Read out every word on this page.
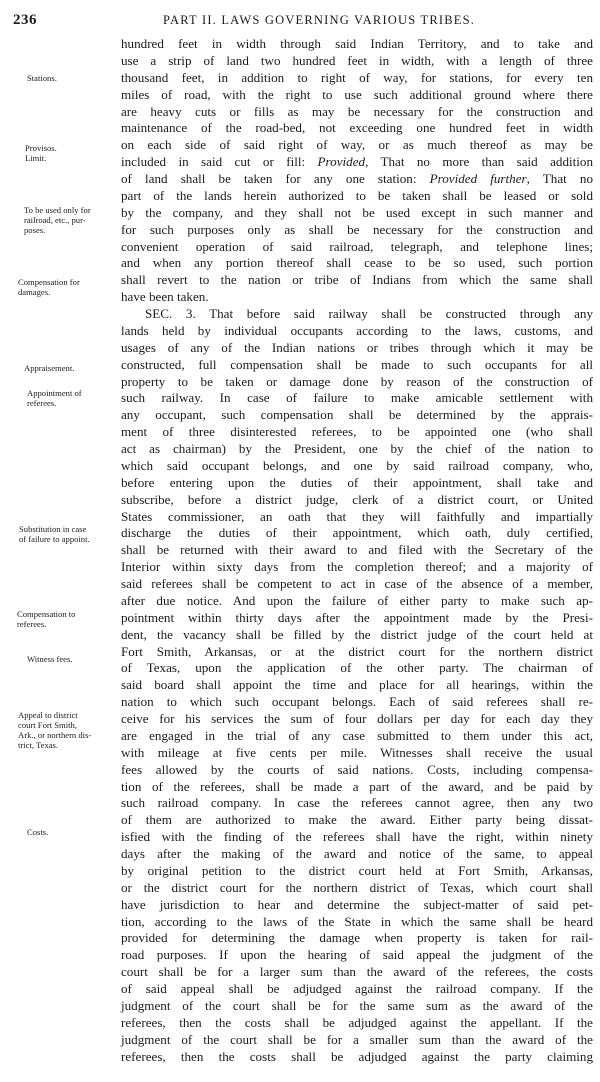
236	PART II. LAWS GOVERNING VARIOUS TRIBES.
Stations.
Provisos.
Limit.
To be used only for
railroad, etc., pur-
poses.
Compensation for
damages.
Appraisement.
Appointment of
referees.
Substitution in case
of failure to appoint.
Compensation to
referees.
Witness fees.
Appeal to district
court Fort Smith,
Ark., or northern dis-
trict, Texas.
Costs.
hundred feet in width through said Indian Territory, and to take and
use a strip of land two hundred feet in width, with a length of three
thousand feet, in addition to right of way, for stations, for every ten
miles of road, with the right to use such additional ground where there
are heavy cuts or fills as may be necessary for the construction and
maintenance of the road-bed, not exceeding one hundred feet in width
on each side of said right of way, or as much thereof as may be
included in said cut or fill: Provided, That no more than said addition
of land shall be taken for any one station: Provided further, That no
part of the lands herein authorized to be taken shall be leased or sold
by the company, and they shall not be used except in such manner and
for such purposes only as shall be necessary for the construction and
convenient operation of said railroad, telegraph, and telephone lines;
and when any portion thereof shall cease to be so used, such portion
shall revert to the nation or tribe of Indians from which the same shall
have been taken.
SEC. 3. That before said railway shall be constructed through any
lands held by individual occupants according to the laws, customs, and
usages of any of the Indian nations or tribes through which it may be
constructed, full compensation shall be made to such occupants for all
property to be taken or damage done by reason of the construction of
such railway. In case of failure to make amicable settlement with
any occupant, such compensation shall be determined by the apprais-
ment of three disinterested referees, to be appointed one (who shall
act as chairman) by the President, one by the chief of the nation to
which said occupant belongs, and one by said railroad company, who,
before entering upon the duties of their appointment, shall take and
subscribe, before a district judge, clerk of a district court, or United
States commissioner, an oath that they will faithfully and impartially
discharge the duties of their appointment, which oath, duly certified,
shall be returned with their award to and filed with the Secretary of the
Interior within sixty days from the completion thereof; and a majority of
said referees shall be competent to act in case of the absence of a member,
after due notice. And upon the failure of either party to make such ap-
pointment within thirty days after the appointment made by the Presi-
dent, the vacancy shall be filled by the district judge of the court held at
Fort Smith, Arkansas, or at the district court for the northern district
of Texas, upon the application of the other party. The chairman of
said board shall appoint the time and place for all hearings, within the
nation to which such occupant belongs. Each of said referees shall re-
ceive for his services the sum of four dollars per day for each day they
are engaged in the trial of any case submitted to them under this act,
with mileage at five cents per mile. Witnesses shall receive the usual
fees allowed by the courts of said nations. Costs, including compensa-
tion of the referees, shall be made a part of the award, and be paid by
such railroad company. In case the referees cannot agree, then any two
of them are authorized to make the award. Either party being dissat-
isfied with the finding of the referees shall have the right, within ninety
days after the making of the award and notice of the same, to appeal
by original petition to the district court held at Fort Smith, Arkansas,
or the district court for the northern district of Texas, which court shall
have jurisdiction to hear and determine the subject-matter of said pet-
tion, according to the laws of the State in which the same shall be heard
provided for determining the damage when property is taken for rail-
road purposes. If upon the hearing of said appeal the judgment of the
court shall be for a larger sum than the award of the referees, the costs
of said appeal shall be adjudged against the railroad company. If the
judgment of the court shall be for the same sum as the award of the
referees, then the costs shall be adjudged against the appellant. If the
judgment of the court shall be for a smaller sum than the award of the
referees, then the costs shall be adjudged against the party claiming
